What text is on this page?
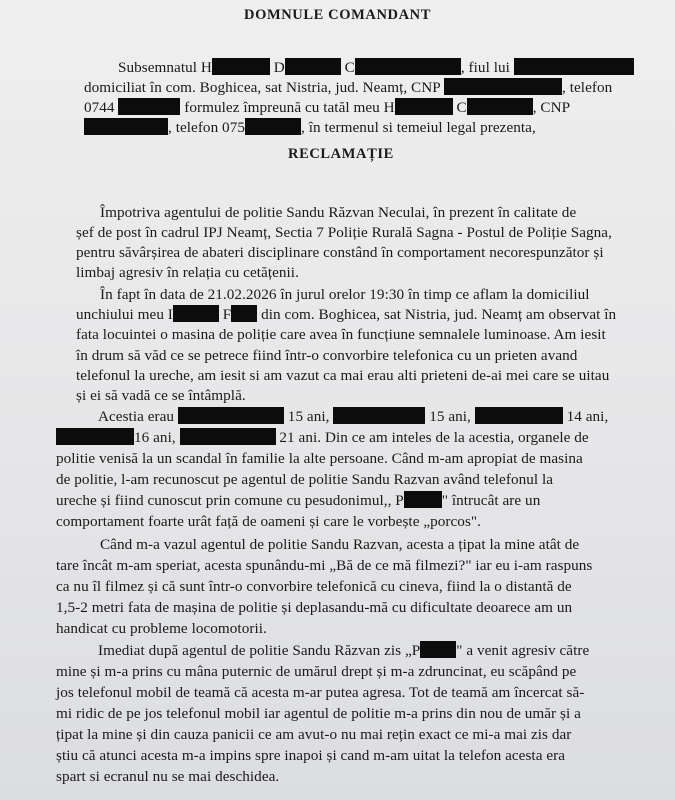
DOMNULE COMANDANT
Subsemnatul H	D	C	, fiul lui
domiciliat în com. Boghicea, sat Nistria, jud. Neamț, CNP	, telefon
0744	formulez împreună cu tatăl meu H	C	, CNP
, telefon 075	, în termenul si temeiul legal prezenta,
RECLAMAȚIE
Împotriva agentului de politie Sandu Răzvan Neculai, în prezent în calitate de
șef de post în cadrul IPJ Neamț, Sectia 7 Poliție Rurală Sagna - Postul de Poliție Sagna,
pentru săvârșirea de abateri disciplinare constând în comportament necorespunzător și
limbaj agresiv în relația cu cetățenii.
În fapt în data de 21.02.2026 în jurul orelor 19:30 în timp ce aflam la domiciliul
unchiului meu I	F din com. Boghicea, sat Nistria, jud. Neamț am observat în
fata locuintei o masina de poliție care avea în funcțiune semnalele luminoase. Am iesit
în drum să văd ce se petrece fiind într-o convorbire telefonica cu un prieten avand
telefonul la ureche, am iesit si am vazut ca mai erau alti prieteni de-ai mei care se uitau
și ei să vadă ce se întâmplă.
Acestia erau	15 ani,	15 ani,	14 ani,
16 ani,	21 ani. Din ce am inteles de la acestia, organele de
politie venisă la un scandal în familie la alte persoane. Când m-am apropiat de masina
de politie, l-am recunoscut pe agentul de politie Sandu Razvan având telefonul la
ureche și fiind cunoscut prin comune cu pesudonimul,, P	" întrucât are un
comportament foarte urât față de oameni și care le vorbește „porcos".
Când m-a vazul agentul de politie Sandu Razvan, acesta a țipat la mine atât de
tare încât m-am speriat, acesta spunându-mi „Bă de ce mă filmezi?" iar eu i-am raspuns
ca nu îl filmez și că sunt într-o convorbire telefonică cu cineva, fiind la o distantă de
1,5-2 metri fata de mașina de politie și deplasandu-mă cu dificultate deoarece am un
handicat cu probleme locomotorii.
Imediat după agentul de politie Sandu Răzvan zis „P " a venit agresiv către
mine și m-a prins cu mâna puternic de umărul drept și m-a zdruncinat, eu scăpând pe
jos telefonul mobil de teamă că acesta m-ar putea agresa. Tot de teamă am încercat să-
mi ridic de pe jos telefonul mobil iar agentul de politie m-a prins din nou de umăr și a
țipat la mine și din cauza panicii ce am avut-o nu mai rețin exact ce mi-a mai zis dar
știu că atunci acesta m-a impins spre inapoi și cand m-am uitat la telefon acesta era
spart si ecranul nu se mai deschidea.
